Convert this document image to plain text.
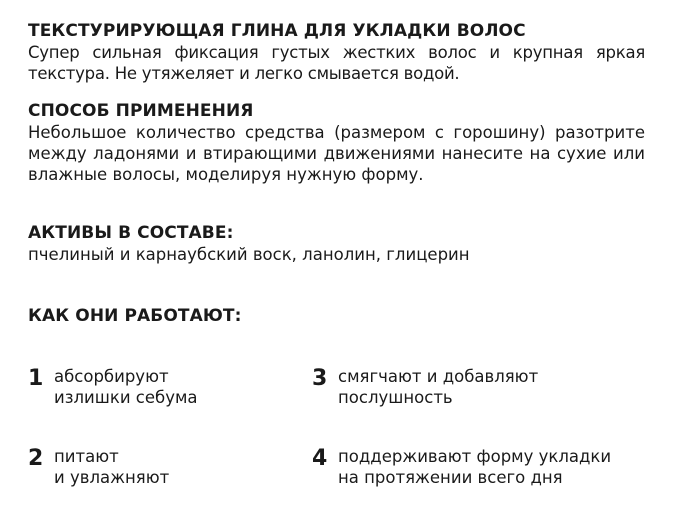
ТЕКСТУРИРУЮЩАЯ ГЛИНА ДЛЯ УКЛАДКИ ВОЛОС

Супер сильная фиксация густых жестких волос и крупная яркая текстура. Не утяжеляет и легко смывается водой.

СПОСОБ ПРИМЕНЕНИЯ

Небольшое количество средства (размером с горошину) разотрите между ладонями и втирающими движениями нанесите на сухие или влажные волосы, моделируя нужную форму.

АКТИВЫ В СОСТАВЕ:

пчелиный и карнаубский воск, ланолин, глицерин

КАК ОНИ РАБОТАЮТ:
1 абсорбируют
излишки себума
2 питают
и увлажняют
3 смягчают и добавляют
послушность
4 поддерживают форму укладки
на протяжении всего дня
